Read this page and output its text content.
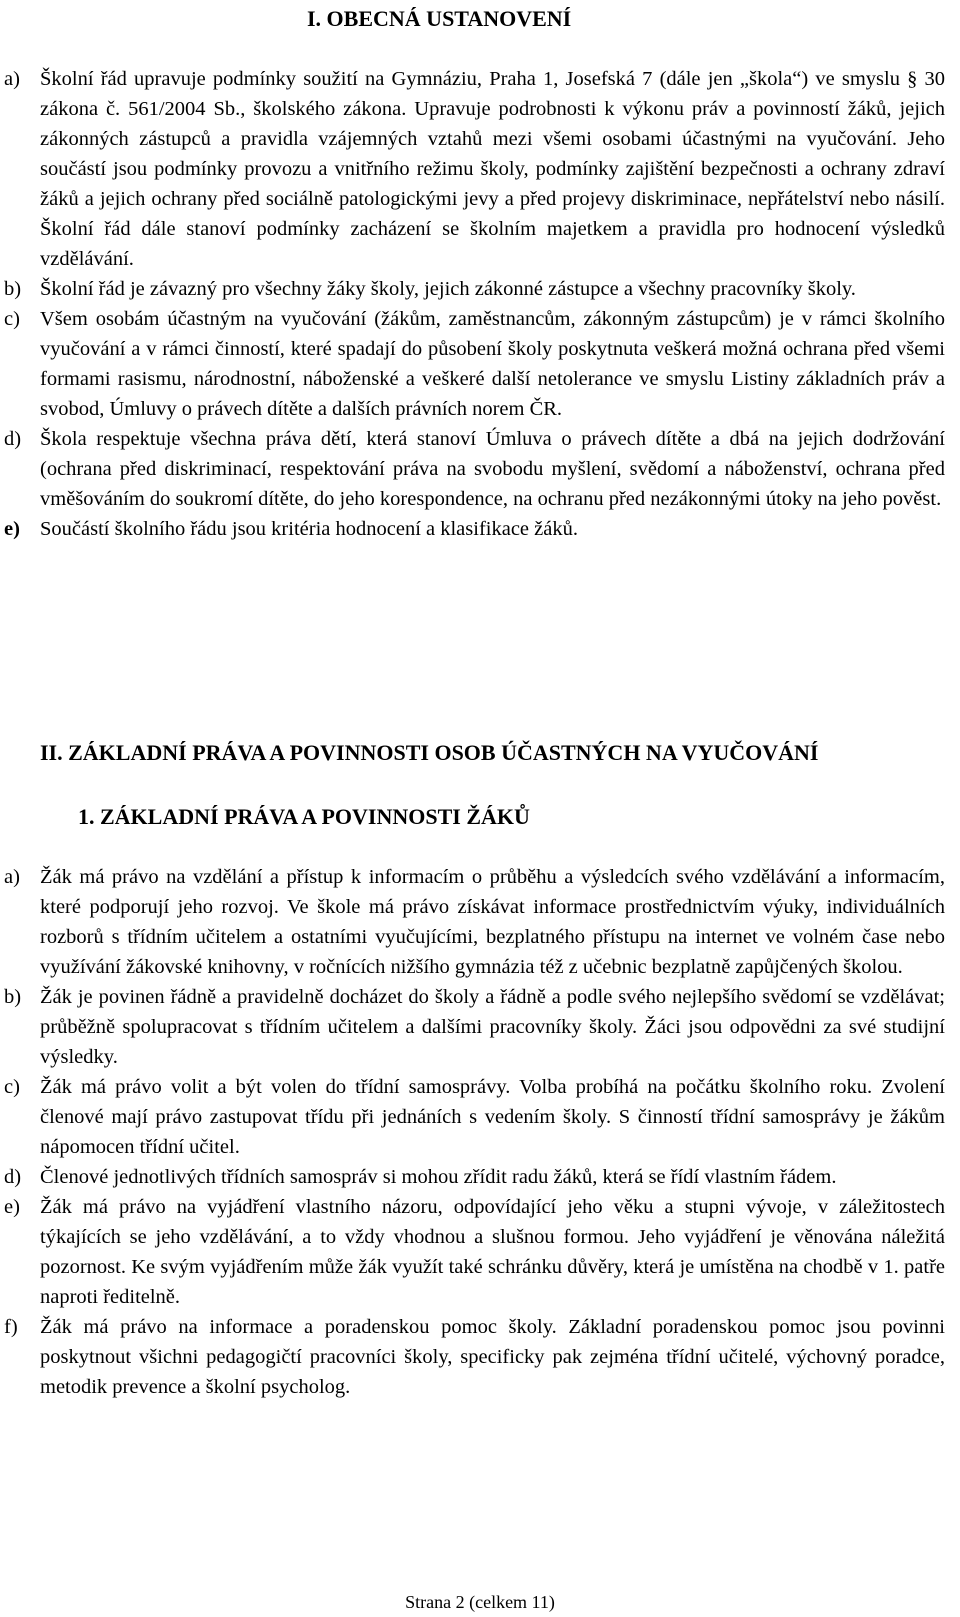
I. OBECNÁ USTANOVENÍ
a) Školní řád upravuje podmínky soužití na Gymnáziu, Praha 1, Josefská 7 (dále jen „škola“) ve smyslu § 30 zákona č. 561/2004 Sb., školského zákona. Upravuje podrobnosti k výkonu práv a povinností žáků, jejich zákonných zástupců a pravidla vzájemných vztahů mezi všemi osobami účastnými na vyučování. Jeho součástí jsou podmínky provozu a vnitřního režimu školy, podmínky zajištění bezpečnosti a ochrany zdraví žáků a jejich ochrany před sociálně patologickými jevy a před projevy diskriminace, nepřátelství nebo násilí. Školní řád dále stanoví podmínky zacházení se školním majetkem a pravidla pro hodnocení výsledků vzdělávání.
b) Školní řád je závazný pro všechny žáky školy, jejich zákonné zástupce a všechny pracovníky školy.
c) Všem osobám účastným na vyučování (žákům, zaměstnancům, zákonným zástupcům) je v rámci školního vyučování a v rámci činností, které spadají do působení školy poskytnuta veškerá možná ochrana před všemi formami rasismu, národnostní, náboženské a veškeré další netolerance ve smyslu Listiny základních práv a svobod, Úmluvy o právech dítěte a dalších právních norem ČR.
d) Škola respektuje všechna práva dětí, která stanoví Úmluva o právech dítěte a dbá na jejich dodržování (ochrana před diskriminací, respektování práva na svobodu myšlení, svědomí a náboženství, ochrana před vměšováním do soukromí dítěte, do jeho korespondence, na ochranu před nezákonnými útoky na jeho pověst.
e) Součástí školního řádu jsou kritéria hodnocení a klasifikace žáků.
II. ZÁKLADNÍ PRÁVA A POVINNOSTI OSOB ÚČASTNÝCH NA VYUČOVÁNÍ
1. ZÁKLADNÍ PRÁVA A POVINNOSTI ŽÁKŮ
a) Žák má právo na vzdělání a přístup k informacím o průběhu a výsledcích svého vzdělávání a informacím, které podporují jeho rozvoj. Ve škole má právo získávat informace prostřednictvím výuky, individuálních rozborů s třídním učitelem a ostatními vyučujícími, bezplatného přístupu na internet ve volném čase nebo využívání žákovské knihovny, v ročnících nižšího gymnázia též z učebnic bezplatně zapůjčených školou.
b) Žák je povinen řádně a pravidelně docházet do školy a řádně a podle svého nejlepšího svědomí se vzdělávat; průběžně spolupracovat s třídním učitelem a dalšími pracovníky školy. Žáci jsou odpovědni za své studijní výsledky.
c) Žák má právo volit a být volen do třídní samosprávy. Volba probíhá na počátku školního roku. Zvolení členové mají právo zastupovat třídu při jednáních s vedením školy. S činností třídní samosprávy je žákům nápomocen třídní učitel.
d) Členové jednotlivých třídních samospráv si mohou zřídit radu žáků, která se řídí vlastním řádem.
e) Žák má právo na vyjádření vlastního názoru, odpovídající jeho věku a stupni vývoje, v záležitostech týkajících se jeho vzdělávání, a to vždy vhodnou a slušnou formou. Jeho vyjádření je věnována náležitá pozornost. Ke svým vyjádřením může žák využít také schránku důvěry, která je umístěna na chodbě v 1. patře naproti ředitelně.
f) Žák má právo na informace a poradenskou pomoc školy. Základní poradenskou pomoc jsou povinni poskytnout všichni pedagogičtí pracovníci školy, specificky pak zejména třídní učitelé, výchovný poradce, metodik prevence a školní psycholog.
Strana 2 (celkem 11)
